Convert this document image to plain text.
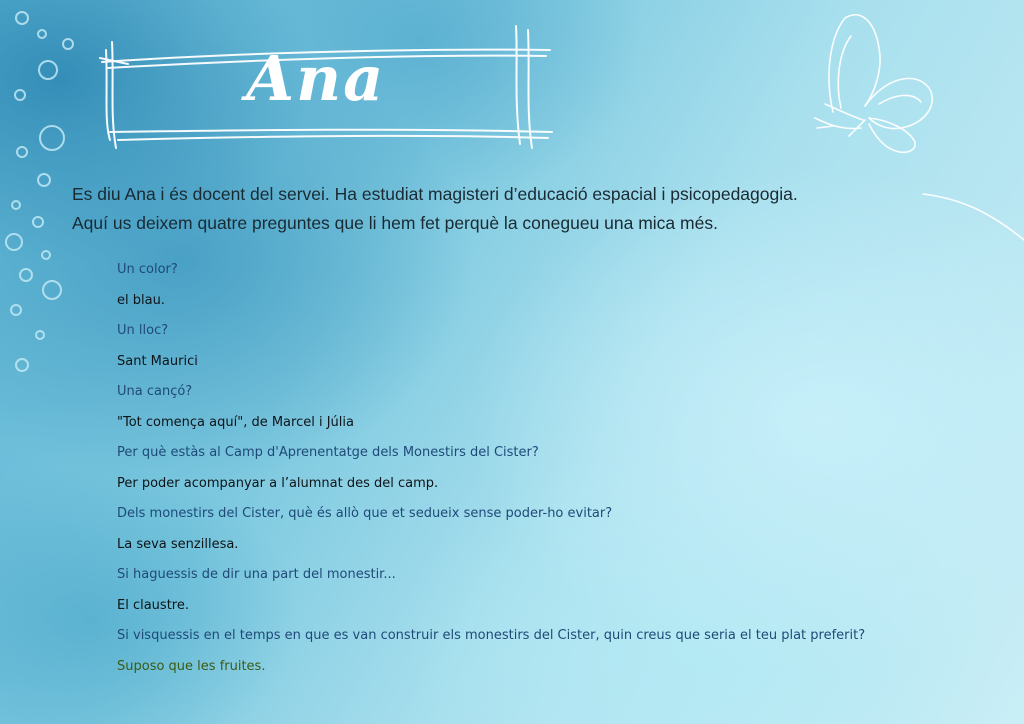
Ana

Es diu Ana i és docent del servei. Ha estudiat magisteri d’educació espacial i psicopedagogia.

Aquí us deixem quatre preguntes que li hem fet perquè la conegueu una mica més.

Un color?
el blau.
Un lloc?
Sant Maurici
Una cançó?
"Tot comença aquí", de Marcel i Júlia
Per què estàs al Camp d'Aprenentatge dels Monestirs del Cister?
Per poder acompanyar a l’alumnat des del camp.
Dels monestirs del Cister, què és allò que et sedueix sense poder-ho evitar?
La seva senzillesa.
Si haguessis de dir una part del monestir...
El claustre.
Si visquessis en el temps en que es van construir els monestirs del Cister, quin creus que seria el teu plat preferit?
Suposo que les fruites.
